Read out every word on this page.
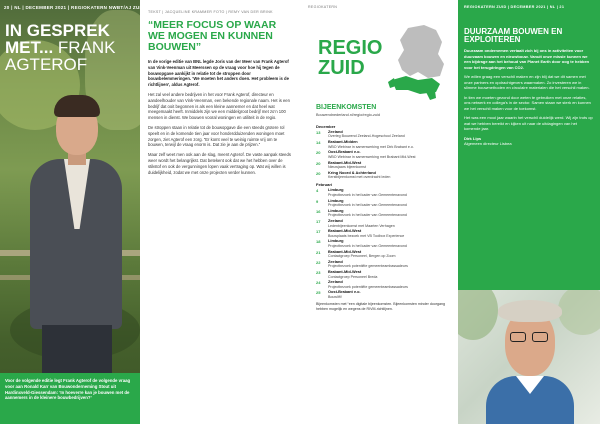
20 | NL | DECEMBER 2021 | REGIOKATERN NWBT/AJ ZUID
IN GESPREK
MET... FRANK
AGTEROF
Voor de volgende editie legt Frank Agterof de volgende vraag voor aan Ronald Karr van Bouwonderneming Stout uit Hardinxveld-Giessendam: ‘In hoeverre kan je bouwen met de aannemers in de kleinere bouwbedrijven?’
TEKST | JACQUELINE KRAMMER FOTO | REMY VAN DER BRINK
“MEER FOCUS OP WAAR WE MOGEN EN KUNNEN BOUWEN”
In de vorige editie van BNL legde Joris van der Meer van Frank Agterof van Vink-Veenman uit Meerssen op de vraag voor hoe hij tegen de bouwopgave aankijkt in relatie tot de stroppen door bouwbelemmeringen. ‘We moeten het anders doen. Het probleem is de richtlijnen’, aldus Agterof.
Het zal veel andere bedrijven in het voor Frank Agterof, directeur en aandeelhouder van Vink-Veenman, een bekende regionale naam. Het is een bedrijf dat ooit begonnen is als een kleine aannemer en dat heel wat meegemaakt heeft. Inmiddels zijn we een middelgroot bedrijf met zo’n 100 mensen in dienst. We bouwen vooral woningen en utiliteit in de regio.
De stroppen staan in relatie tot de bouwopgave die een steeds grotere rol speelt en in de komende tien jaar voor honderdduizenden woningen moet zorgen, ziet Agterof een zorg. “Er komt veel te weinig ruimte vrij om te bouwen, terwijl de vraag enorm is. Dat zie je aan de prijzen.”
Maar zelf weet men ook aan de slag, meent Agterof. De vaste aanpak steeds weer wordt het belangrijkst. Dat betekent ook dat we het hebben over de stikstof en ook de vergunningen lopen vaak vertraging op. Wat wij willen is duidelijkheid, zodat we met onze projecten verder kunnen.
REGIOKATERN
REGIO
ZUID
BIJEENKOMSTEN
Bouwendnederland.nl/regio/regio-zuid
December
13	Zeeland
Overleg Bouwend Zeeland-Hogeschool Zeeland
14	Brabant-Midden
WBO Webinar in samenwerking met Dirk Brabant e.o.
20	Oost-Brabant e.o.
WBO Webinar in samenwerking met Brabant Mid-West
20	Brabant-Mid-West
Nieuwjaars bijeenkomst
20	Kring Noord & Achterland
Kerstbijeenkomst met overdracht leden
Februari
4	Limburg
Projectbezoek in het kader van Gemeentenavond
9	Limburg
Projectbezoek in het kader van Gemeentenavond
16	Limburg
Projectbezoek in het kader van Gemeentenavond
17	Zeeland
Ledenbijeenkomst met Maarten Verhagen
17	Brabant-Mid-West
Bouwplaats bezoek met VB Toolbox Experience
18	Limburg
Projectbezoek in het kader van Gemeentenavond
21	Brabant-Mid-West
Contactgroep Personeel, Bergen op Zoom
22	Zeeland
Projectbezoek potentiële gemeenteambassadeurs
23	Brabant-Mid-West
Contactgroep Personeel Breda
24	Zeeland
Projectbezoek potentiële gemeenteambassadeurs
25	Oost-Brabant e.o.
Bouwlift!
Bijeenkomsten met “een digitale bijeenkomsten. Bijeenkomsten minder doorgang hebben mogelijk en wegens de RIVM-richtlijnen.
REGIOKATERN ZUID | DECEMBER 2021 | NL | 21
DUURZAAM BOUWEN EN EXPLOITEREN

Duurzaam ondernemen vertaalt zich bij ons in activiteiten voor duurzaam bouwen en nieuwbouw. Vanuit onze missie kunnen we een bijdrage aan het behoud van Planet Earth door oog te hebben voor het terugdringen van CO2.

We willen graag een verschil maken en zijn blij dat we dit samen met onze partners en opdrachtgevers waarmaken. Zo investeren we in slimme bouwmethoden en circulaire materialen die het verschil maken.

In tien we moeten gezond door weten te gebruiken met onze relaties, ons netwerk en collega’s in de sector. Samen staan we sterk en kunnen we het verschil maken voor de toekomst.

Het was een mooi jaar waarin het verschil duidelijk werd. Wij zijn trots op wat we hebben bereikt en kijken uit naar de uitdagingen van het komende jaar.

Dirk Lips
Algemeen directeur Lisbea
